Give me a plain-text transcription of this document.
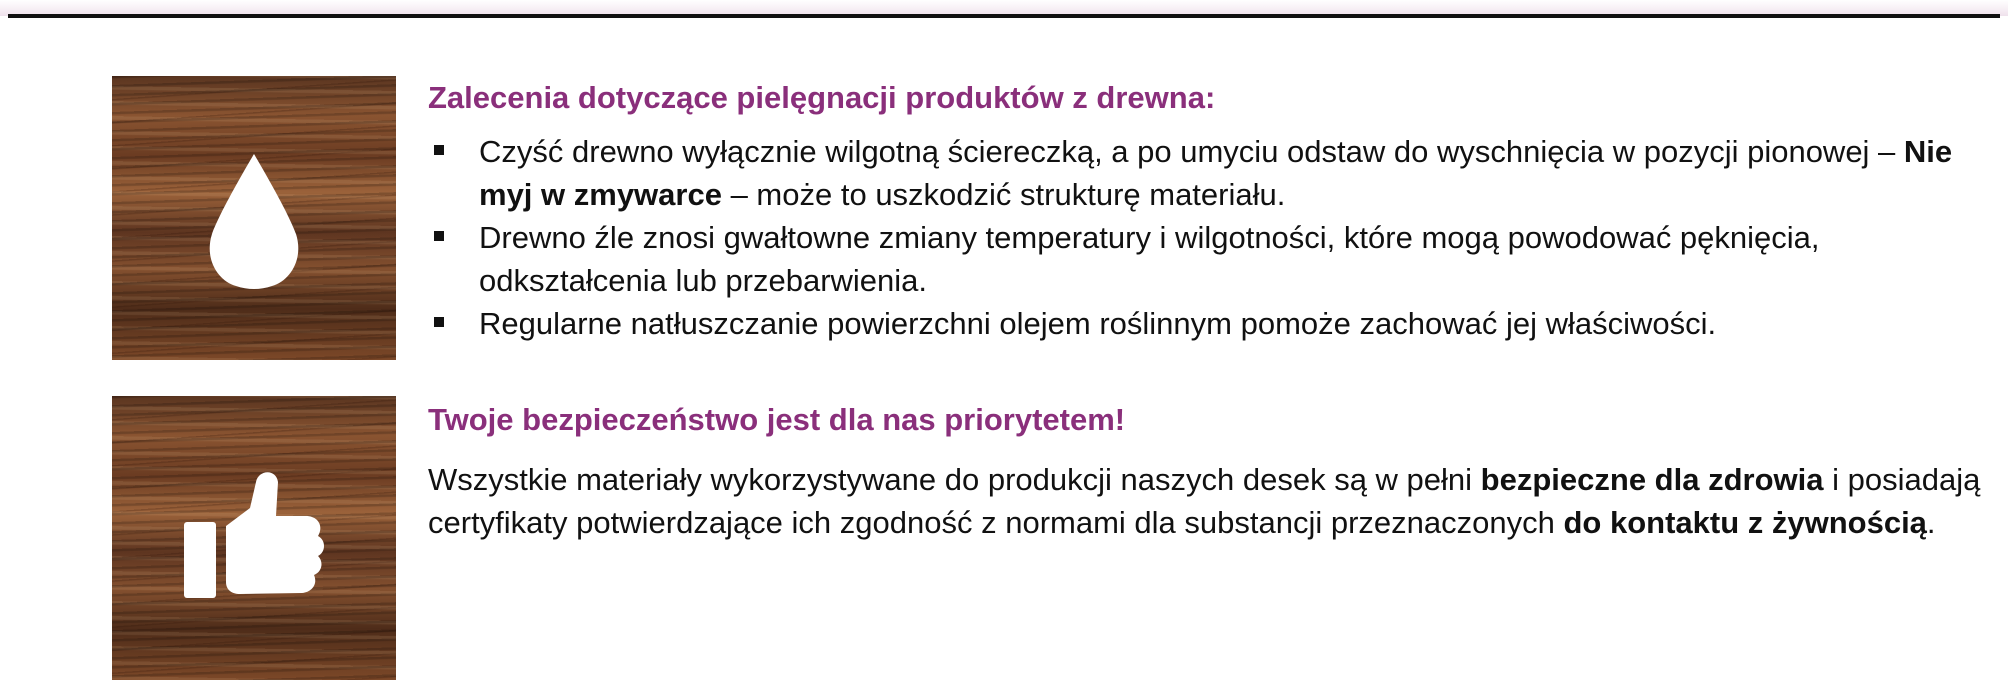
Zalecenia dotyczące pielęgnacji produktów z drewna:
Czyść drewno wyłącznie wilgotną ściereczką, a po umyciu odstaw do wyschnięcia w pozycji pionowej – Nie myj w zmywarce – może to uszkodzić strukturę materiału.
Drewno źle znosi gwałtowne zmiany temperatury i wilgotności, które mogą powodować pęknięcia, odkształcenia lub przebarwienia.
Regularne natłuszczanie powierzchni olejem roślinnym pomoże zachować jej właściwości.
Twoje bezpieczeństwo jest dla nas priorytetem!

Wszystkie materiały wykorzystywane do produkcji naszych desek są w pełni bezpieczne dla zdrowia i posiadają certyfikaty potwierdzające ich zgodność z normami dla substancji przeznaczonych do kontaktu z żywnością.
